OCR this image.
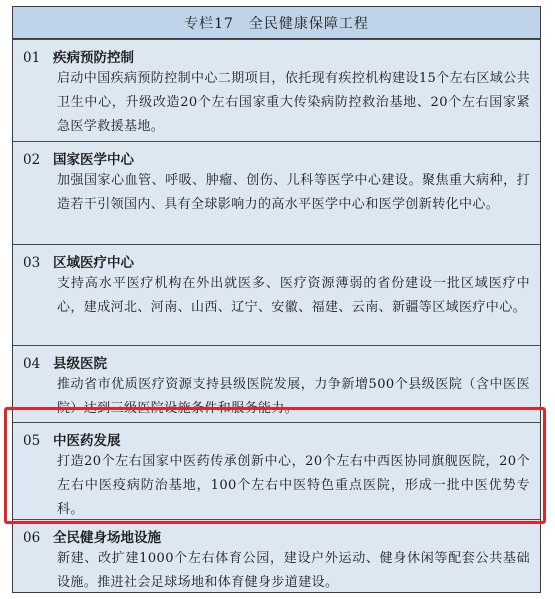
专栏17　全民健康保障工程
01 疾病预防控制
启动中国疾病预防控制中心二期项目，依托现有疾控机构建设15个左右区域公共卫生中心，升级改造20个左右国家重大传染病防控救治基地、20个左右国家紧急医学救援基地。
02 国家医学中心
加强国家心血管、呼吸、肿瘤、创伤、儿科等医学中心建设。聚焦重大病种，打造若干引领国内、具有全球影响力的高水平医学中心和医学创新转化中心。
03 区域医疗中心
支持高水平医疗机构在外出就医多、医疗资源薄弱的省份建设一批区域医疗中心，建成河北、河南、山西、辽宁、安徽、福建、云南、新疆等区域医疗中心。
04 县级医院
推动省市优质医疗资源支持县级医院发展，力争新增500个县级医院（含中医医院）达到三级医院设施条件和服务能力。
05 中医药发展
打造20个左右国家中医药传承创新中心，20个左右中西医协同旗舰医院，20个左右中医疫病防治基地，100个左右中医特色重点医院，形成一批中医优势专科。
06 全民健身场地设施
新建、改扩建1000个左右体育公园，建设户外运动、健身休闲等配套公共基础设施。推进社会足球场地和体育健身步道建设。
